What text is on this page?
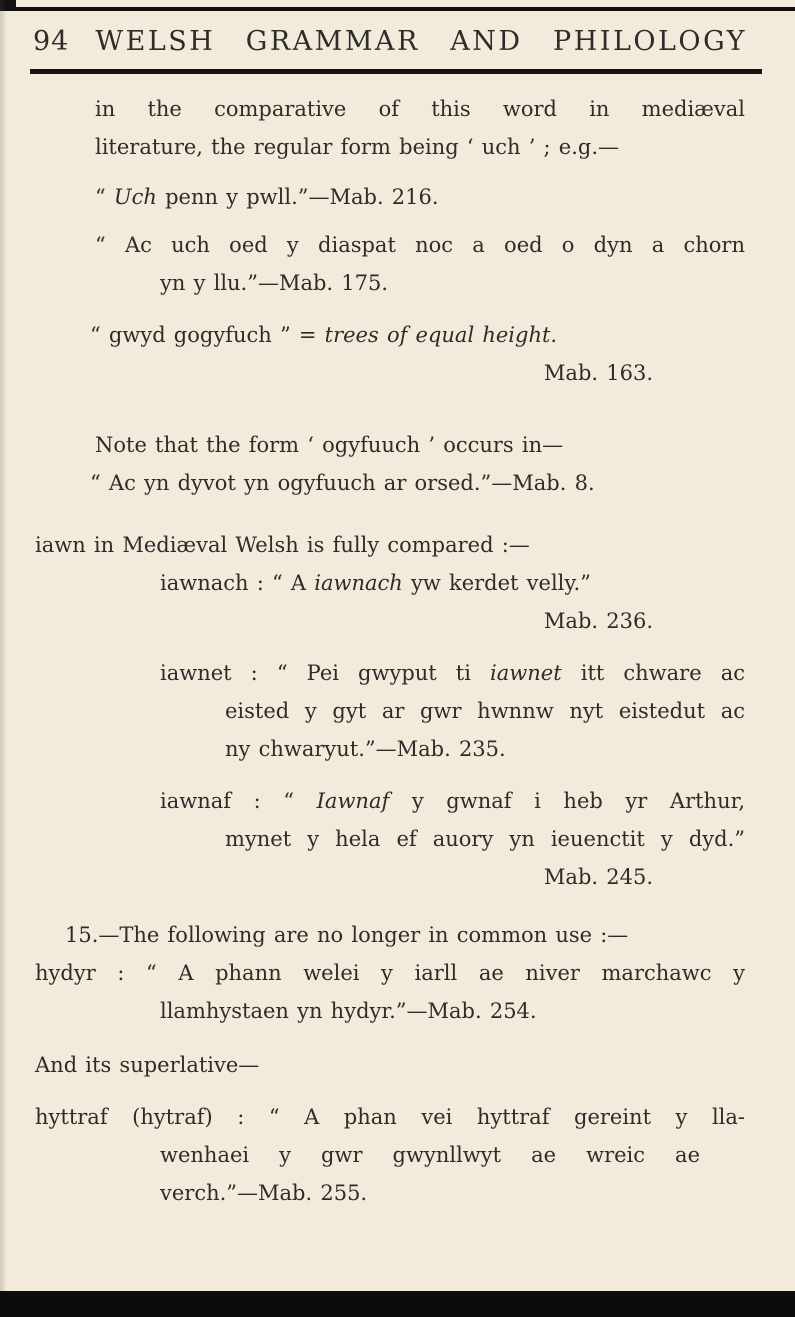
94 WELSH GRAMMAR AND PHILOLOGY
in the comparative of this word in mediæval
literature, the regular form being ‘ uch ’ ; e.g.—
“ Uch penn y pwll.”—Mab. 216.
“ Ac uch oed y diaspat noc a oed o dyn a chorn
yn y llu.”—Mab. 175.
“ gwyd gogyfuch ” = trees of equal height.
Mab. 163.
Note that the form ‘ ogyfuuch ’ occurs in—
“ Ac yn dyvot yn ogyfuuch ar orsed.”—Mab. 8.
iawn in Mediæval Welsh is fully compared :—
iawnach : “ A iawnach yw kerdet velly.”
Mab. 236.
iawnet : “ Pei gwyput ti iawnet itt chware ac
eisted y gyt ar gwr hwnnw nyt eistedut ac
ny chwaryut.”—Mab. 235.
iawnaf : “ Iawnaf y gwnaf i heb yr Arthur,
mynet y hela ef auory yn ieuenctit y dyd.”
Mab. 245.
15.—The following are no longer in common use :—
hydyr : “ A phann welei y iarll ae niver marchawc y
llamhystaen yn hydyr.”—Mab. 254.
And its superlative—
hyttraf (hytraf) : “ A phan vei hyttraf gereint y lla-
wenhaei y gwr gwynllwyt ae wreic ae
verch.”—Mab. 255.
